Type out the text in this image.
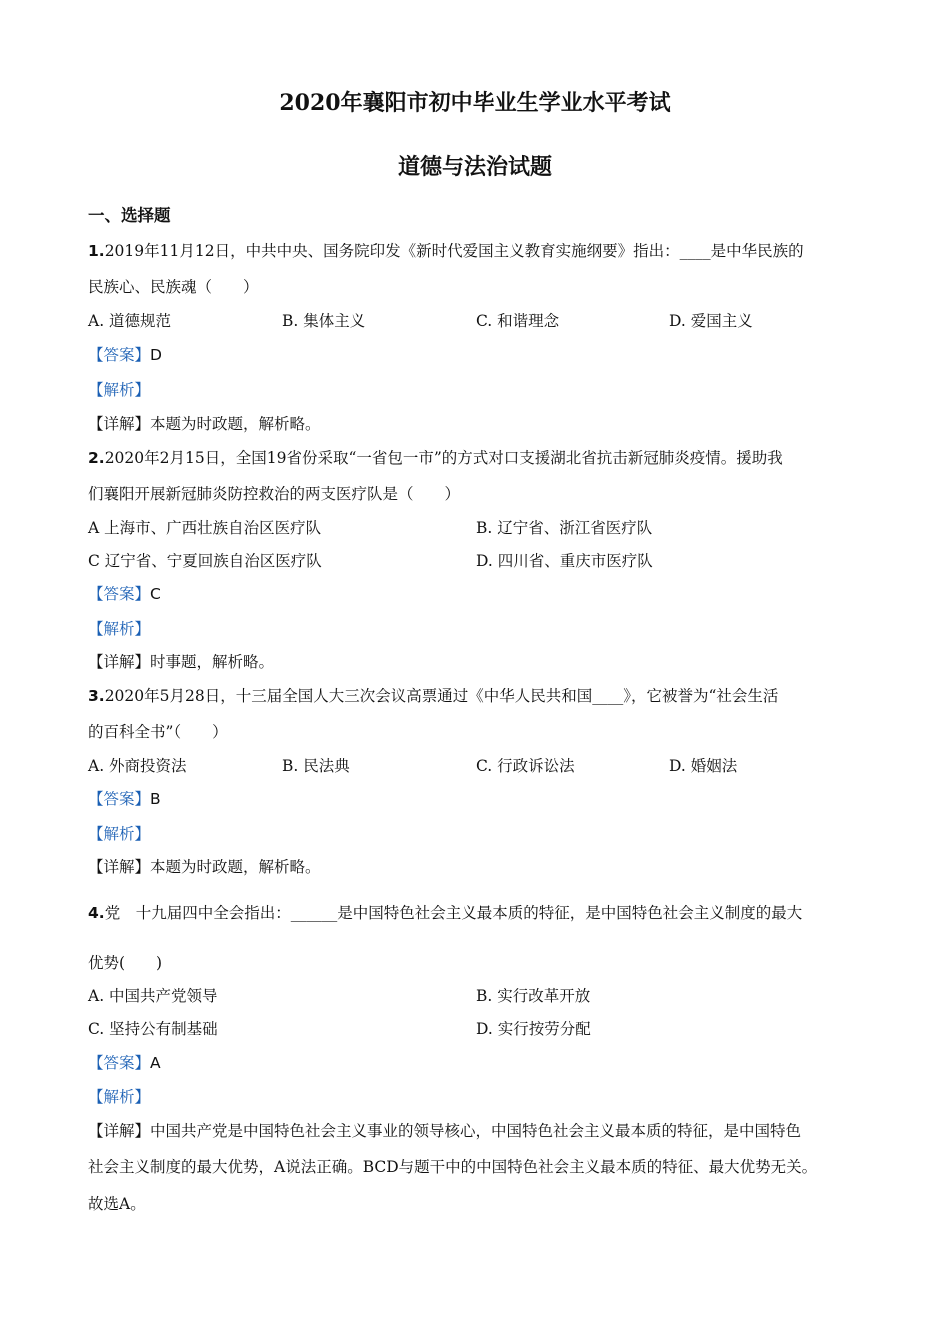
2020年襄阳市初中毕业生学业水平考试
道德与法治试题
一、选择题
1.2019年11月12日，中共中央、国务院印发《新时代爱国主义教育实施纲要》指出：____是中华民族的
民族心、民族魂（　　）
A. 道德规范	B. 集体主义	C. 和谐理念	D. 爱国主义
【答案】D
【解析】
【详解】本题为时政题，解析略。
2.2020年2月15日，全国19省份采取“一省包一市”的方式对口支援湖北省抗击新冠肺炎疫情。援助我
们襄阳开展新冠肺炎防控救治的两支医疗队是（　　）
A 上海市、广西壮族自治区医疗队	B. 辽宁省、浙江省医疗队
C 辽宁省、宁夏回族自治区医疗队	D. 四川省、重庆市医疗队
【答案】C
【解析】
【详解】时事题，解析略。
3.2020年5月28日，十三届全国人大三次会议高票通过《中华人民共和国____》，它被誉为“社会生活
的百科全书”（　　）
A. 外商投资法	B. 民法典	C. 行政诉讼法	D. 婚姻法
【答案】B
【解析】
【详解】本题为时政题，解析略。
4.党　十九届四中全会指出：______是中国特色社会主义最本质的特征，是中国特色社会主义制度的最大
优势(　　)
A. 中国共产党领导	B. 实行改革开放
C. 坚持公有制基础	D. 实行按劳分配
【答案】A
【解析】
【详解】中国共产党是中国特色社会主义事业的领导核心，中国特色社会主义最本质的特征，是中国特色
社会主义制度的最大优势，A说法正确。BCD与题干中的中国特色社会主义最本质的特征、最大优势无关。
故选A。
